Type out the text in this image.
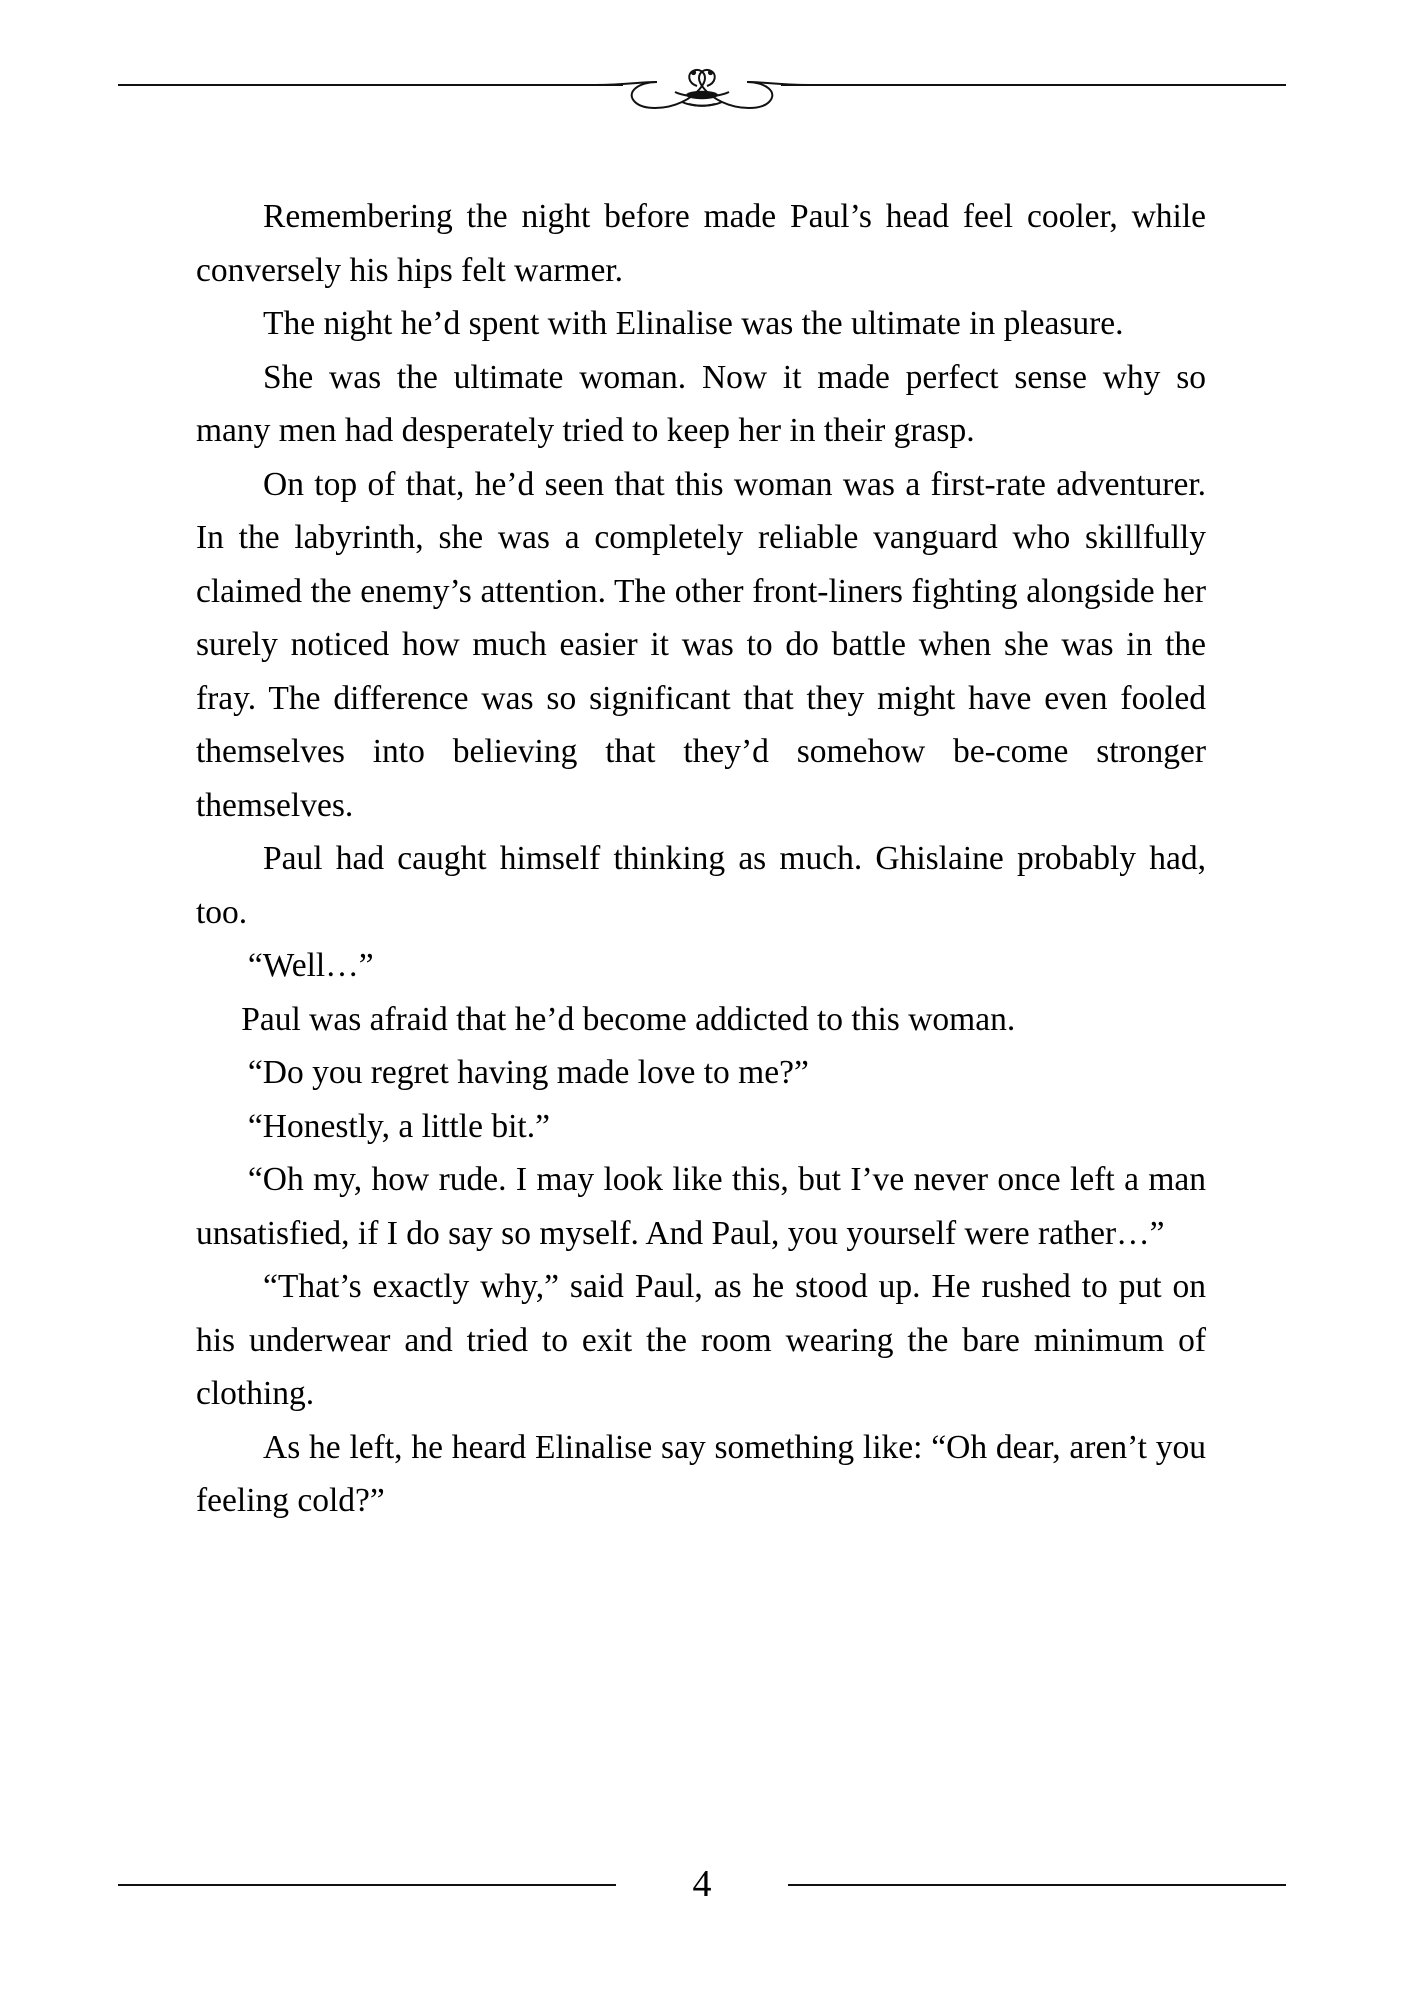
Remembering the night before made Paul’s head feel cooler, while conversely his hips felt warmer.

The night he’d spent with Elinalise was the ultimate in pleasure.

She was the ultimate woman. Now it made perfect sense why so many men had desperately tried to keep her in their grasp.

On top of that, he’d seen that this woman was a first-rate adventurer. In the labyrinth, she was a completely reliable vanguard who skillfully claimed the enemy’s attention. The other front-liners fighting alongside her surely noticed how much easier it was to do battle when she was in the fray. The difference was so significant that they might have even fooled themselves into believing that they’d somehow be-come stronger themselves.

Paul had caught himself thinking as much. Ghislaine probably had, too.

“Well…”

Paul was afraid that he’d become addicted to this woman.

“Do you regret having made love to me?”

“Honestly, a little bit.”

“Oh my, how rude. I may look like this, but I’ve never once left a man unsatisfied, if I do say so myself. And Paul, you yourself were rather…”

“That’s exactly why,” said Paul, as he stood up. He rushed to put on his underwear and tried to exit the room wearing the bare minimum of clothing.

As he left, he heard Elinalise say something like: “Oh dear, aren’t you feeling cold?”

4
